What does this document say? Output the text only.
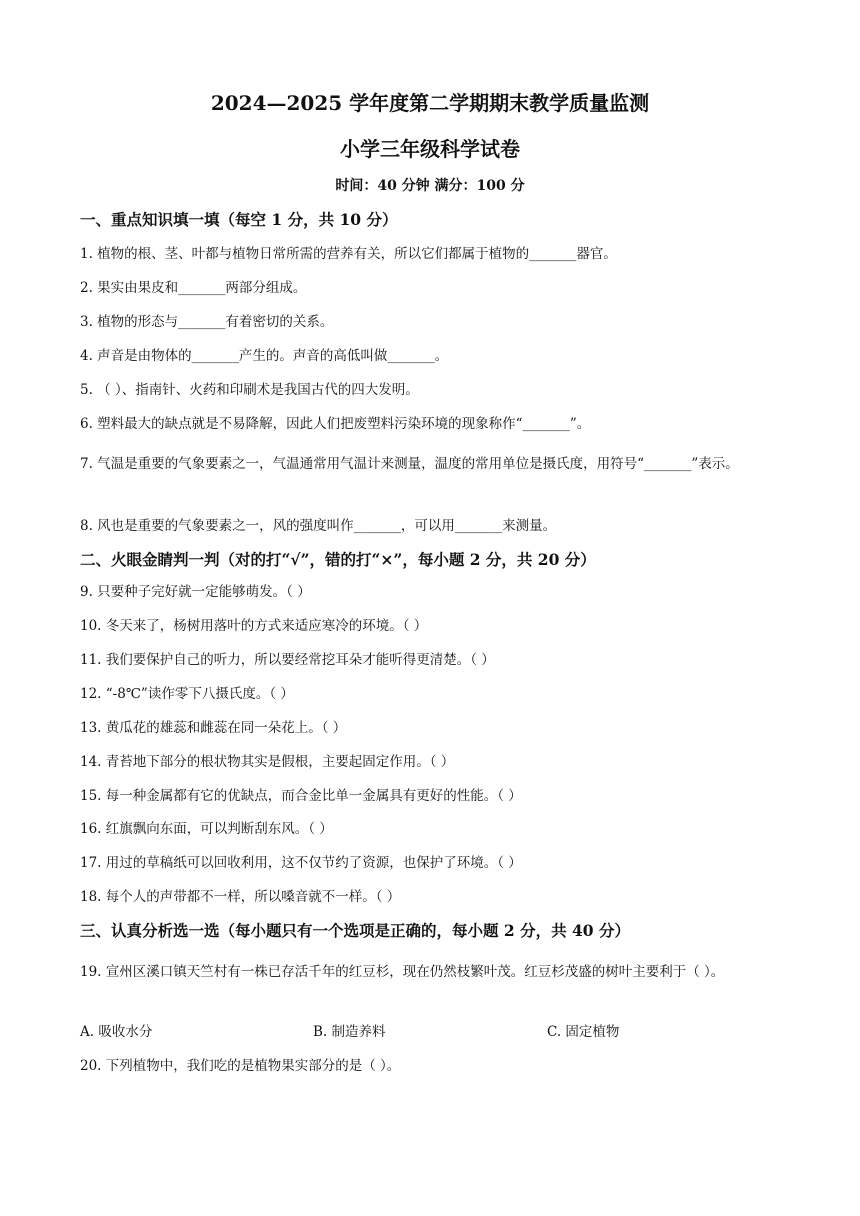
2024—2025 学年度第二学期期末教学质量监测
小学三年级科学试卷
时间：40 分钟 满分：100 分
一、重点知识填一填（每空 1 分，共 10 分）
1. 植物的根、茎、叶都与植物日常所需的营养有关，所以它们都属于植物的_______器官。
2. 果实由果皮和_______两部分组成。
3. 植物的形态与_______有着密切的关系。
4. 声音是由物体的_______产生的。声音的高低叫做_______。
5. （ ）、指南针、火药和印刷术是我国古代的四大发明。
6. 塑料最大的缺点就是不易降解，因此人们把废塑料污染环境的现象称作“_______”。
7. 气温是重要的气象要素之一，气温通常用气温计来测量，温度的常用单位是摄氏度，用符号“_______”表示。
8. 风也是重要的气象要素之一，风的强度叫作_______，可以用_______来测量。
二、火眼金睛判一判（对的打“√”，错的打“×”，每小题 2 分，共 20 分）
9. 只要种子完好就一定能够萌发。（ ）
10. 冬天来了，杨树用落叶的方式来适应寒冷的环境。（ ）
11. 我们要保护自己的听力，所以要经常挖耳朵才能听得更清楚。（ ）
12. “-8℃”读作零下八摄氏度。（ ）
13. 黄瓜花的雄蕊和雌蕊在同一朵花上。（ ）
14. 青苔地下部分的根状物其实是假根，主要起固定作用。（ ）
15. 每一种金属都有它的优缺点，而合金比单一金属具有更好的性能。（ ）
16. 红旗飘向东面，可以判断刮东风。（ ）
17. 用过的草稿纸可以回收利用，这不仅节约了资源，也保护了环境。（ ）
18. 每个人的声带都不一样，所以嗓音就不一样。（ ）
三、认真分析选一选（每小题只有一个选项是正确的，每小题 2 分，共 40 分）
19. 宣州区溪口镇天竺村有一株已存活千年的红豆杉，现在仍然枝繁叶茂。红豆杉茂盛的树叶主要利于（ ）。
A. 吸收水分	B. 制造养料	C. 固定植物
20. 下列植物中，我们吃的是植物果实部分的是（ ）。
